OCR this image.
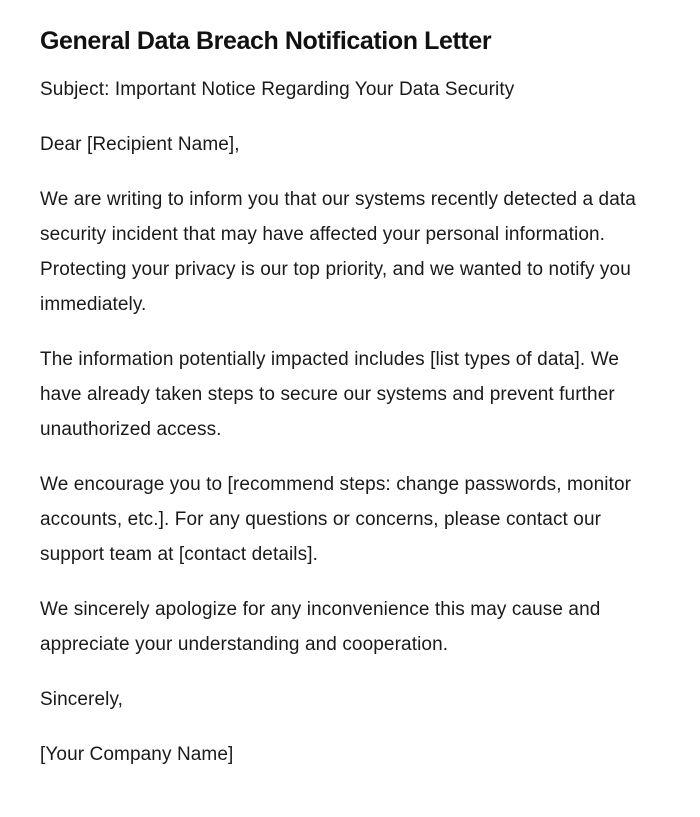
General Data Breach Notification Letter

Subject: Important Notice Regarding Your Data Security

Dear [Recipient Name],

We are writing to inform you that our systems recently detected a data security incident that may have affected your personal information. Protecting your privacy is our top priority, and we wanted to notify you immediately.

The information potentially impacted includes [list types of data]. We have already taken steps to secure our systems and prevent further unauthorized access.

We encourage you to [recommend steps: change passwords, monitor accounts, etc.]. For any questions or concerns, please contact our support team at [contact details].

We sincerely apologize for any inconvenience this may cause and appreciate your understanding and cooperation.

Sincerely,

[Your Company Name]
